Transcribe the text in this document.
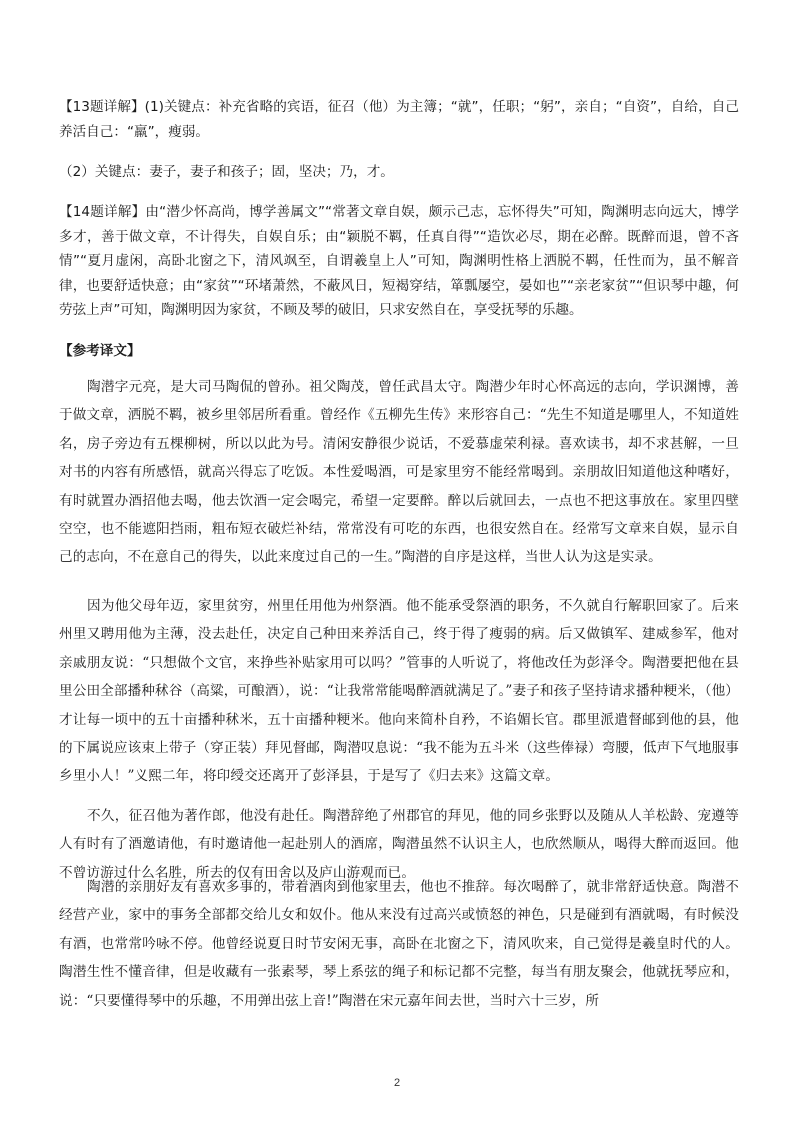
【13题详解】(1)关键点：补充省略的宾语，征召（他）为主簿；“就”，任职；“躬”，亲自；“自资”，自给，自己养活自己：“羸”，瘦弱。

（2）关键点：妻子，妻子和孩子；固，坚决；乃，才。

【14题详解】由“潜少怀高尚，博学善属文”“常著文章自娱，颇示己志，忘怀得失”可知，陶渊明志向远大，博学多才，善于做文章，不计得失，自娱自乐；由“颖脱不羁，任真自得”“造饮必尽，期在必醉。既醉而退，曾不吝情”“夏月虚闲，高卧北窗之下，清风飒至，自谓羲皇上人”可知，陶渊明性格上洒脱不羁，任性而为，虽不解音律，也要舒适快意；由“家贫”“环堵萧然，不蔽风日，短褐穿结，箪瓢屡空，晏如也”“亲老家贫”“但识琴中趣，何劳弦上声”可知，陶渊明因为家贫，不顾及琴的破旧，只求安然自在，享受抚琴的乐趣。

【参考译文】

陶潜字元亮，是大司马陶侃的曾孙。祖父陶茂，曾任武昌太守。陶潜少年时心怀高远的志向，学识渊博，善于做文章，洒脱不羁，被乡里邻居所看重。曾经作《五柳先生传》来形容自己：“先生不知道是哪里人，不知道姓名，房子旁边有五棵柳树，所以以此为号。清闲安静很少说话，不爱慕虚荣利禄。喜欢读书，却不求甚解，一旦对书的内容有所感悟，就高兴得忘了吃饭。本性爱喝酒，可是家里穷不能经常喝到。亲朋故旧知道他这种嗜好，有时就置办酒招他去喝，他去饮酒一定会喝完，希望一定要醉。醉以后就回去，一点也不把这事放在。家里四壁空空，也不能遮阳挡雨，粗布短衣破烂补结，常常没有可吃的东西，也很安然自在。经常写文章来自娱，显示自己的志向，不在意自己的得失，以此来度过自己的一生。”陶潜的自序是这样，当世人认为这是实录。

因为他父母年迈，家里贫穷，州里任用他为州祭酒。他不能承受祭酒的职务，不久就自行解职回家了。后来州里又聘用他为主薄，没去赴任，决定自己种田来养活自己，终于得了瘦弱的病。后又做镇军、建威参军，他对亲戚朋友说：“只想做个文官，来挣些补贴家用可以吗？”管事的人听说了，将他改任为彭泽令。陶潜要把他在县里公田全部播种秫谷（高粱，可酿酒），说：“让我常常能喝醉酒就满足了。”妻子和孩子坚持请求播种粳米，（他）才让每一顷中的五十亩播种秫米，五十亩播种粳米。他向来简朴自矜，不谄媚长官。郡里派遣督邮到他的县，他的下属说应该束上带子（穿正装）拜见督邮，陶潜叹息说：“我不能为五斗米（这些俸禄）弯腰，低声下气地服事乡里小人！”义熙二年，将印绶交还离开了彭泽县，于是写了《归去来》这篇文章。

不久，征召他为著作郎，他没有赴任。陶潜辞绝了州郡官的拜见，他的同乡张野以及随从人羊松龄、宠遵等人有时有了酒邀请他，有时邀请他一起赴别人的酒席，陶潜虽然不认识主人，也欣然顺从，喝得大醉而返回。他不曾访游过什么名胜，所去的仅有田舍以及庐山游观而已。

陶潜的亲朋好友有喜欢多事的，带着酒肉到他家里去，他也不推辞。每次喝醉了，就非常舒适快意。陶潜不经营产业，家中的事务全部都交给儿女和奴仆。他从来没有过高兴或愤怒的神色，只是碰到有酒就喝，有时候没有酒，也常常吟咏不停。他曾经说夏日时节安闲无事，高卧在北窗之下，清风吹来，自己觉得是羲皇时代的人。陶潜生性不懂音律，但是收藏有一张素琴，琴上系弦的绳子和标记都不完整，每当有朋友聚会，他就抚琴应和，说：“只要懂得琴中的乐趣，不用弹出弦上音!”陶潜在宋元嘉年间去世，当时六十三岁，所

2
